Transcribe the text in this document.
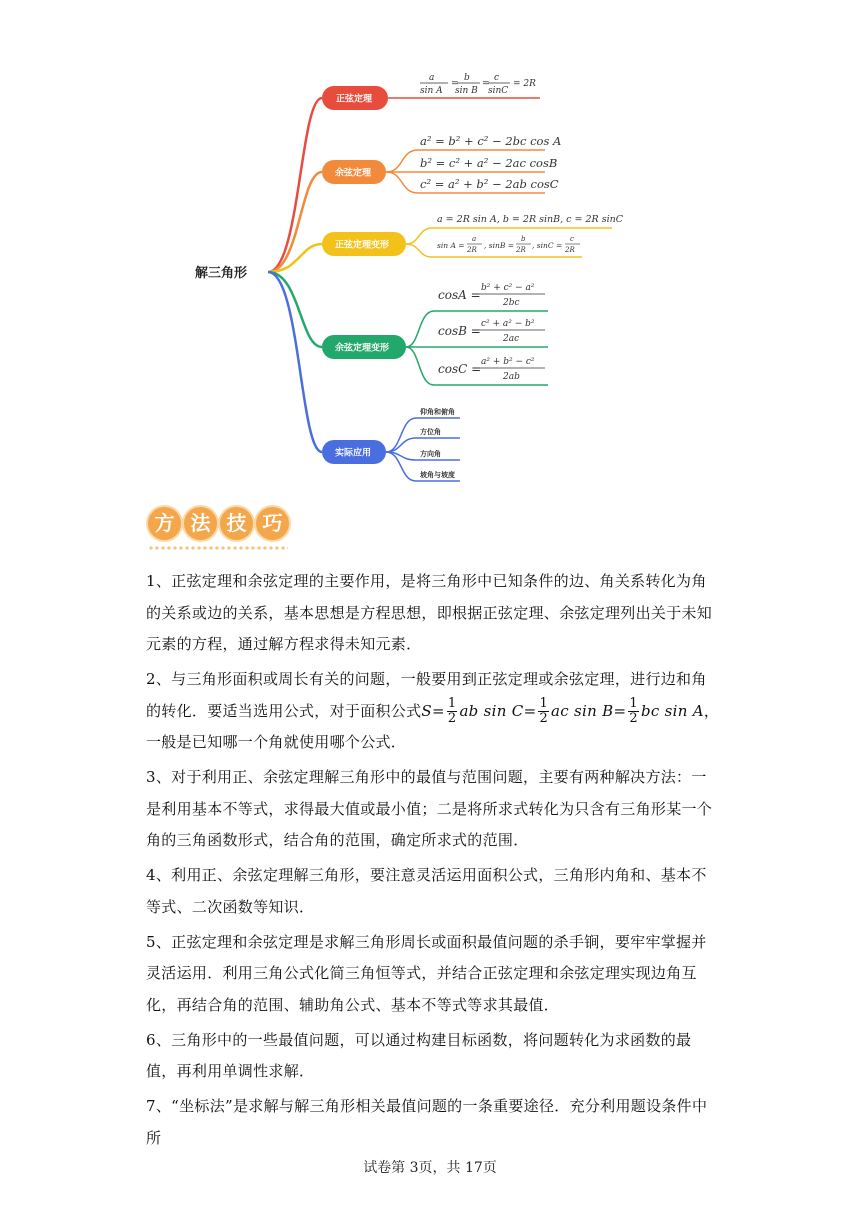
解三角形
正弦定理
a
sin A
=
b
sin B
=
c
sinC
= 2R
余弦定理
a² = b² + c² − 2bc cos A
b² = c² + a² − 2ac cosB
c² = a² + b² − 2ab cosC
正弦定理变形
a = 2R sin A, b = 2R sinB, c = 2R sinC
sin A =
a
2R , sinB =
b
2R , sinC =
c
2R
余弦定理变形
cosA = b² + c² − a²
2bc
cosB = c² + a² − b²
2ac
cosC = a² + b² − c²
2ab
实际应用
仰角和俯角
方位角
方向角
坡角与坡度
方 法 技 巧

1、正弦定理和余弦定理的主要作用，是将三角形中已知条件的边、角关系转化为角的关系或边的关系，基本思想是方程思想，即根据正弦定理、余弦定理列出关于未知元素的方程，通过解方程求得未知元素．

2、与三角形面积或周长有关的问题，一般要用到正弦定理或余弦定理，进行边和角的转化．要适当选用公式，对于面积公式$S= \frac{1}{2}$ ab $\sin C= \frac{1}{2}$ ac $\sin B= \frac{1}{2}$ bc sin A，一般是已知哪一个角就使用哪个公式．

3、对于利用正、余弦定理解三角形中的最值与范围问题，主要有两种解决方法：一是利用基本不等式，求得最大值或最小值；二是将所求式转化为只含有三角形某一个角的三角函数形式，结合角的范围，确定所求式的范围．

4、利用正、余弦定理解三角形，要注意灵活运用面积公式，三角形内角和、基本不等式、二次函数等知识．

5、正弦定理和余弦定理是求解三角形周长或面积最值问题的杀手锏，要牢牢掌握并灵活运用．利用三角公式化简三角恒等式，并结合正弦定理和余弦定理实现边角互化，再结合角的范围、辅助角公式、基本不等式等求其最值．

6、三角形中的一些最值问题，可以通过构建目标函数，将问题转化为求函数的最值，再利用单调性求解．

7、“坐标法”是求解与解三角形相关最值问题的一条重要途径．充分利用题设条件中所

试卷第 3页，共 17页
